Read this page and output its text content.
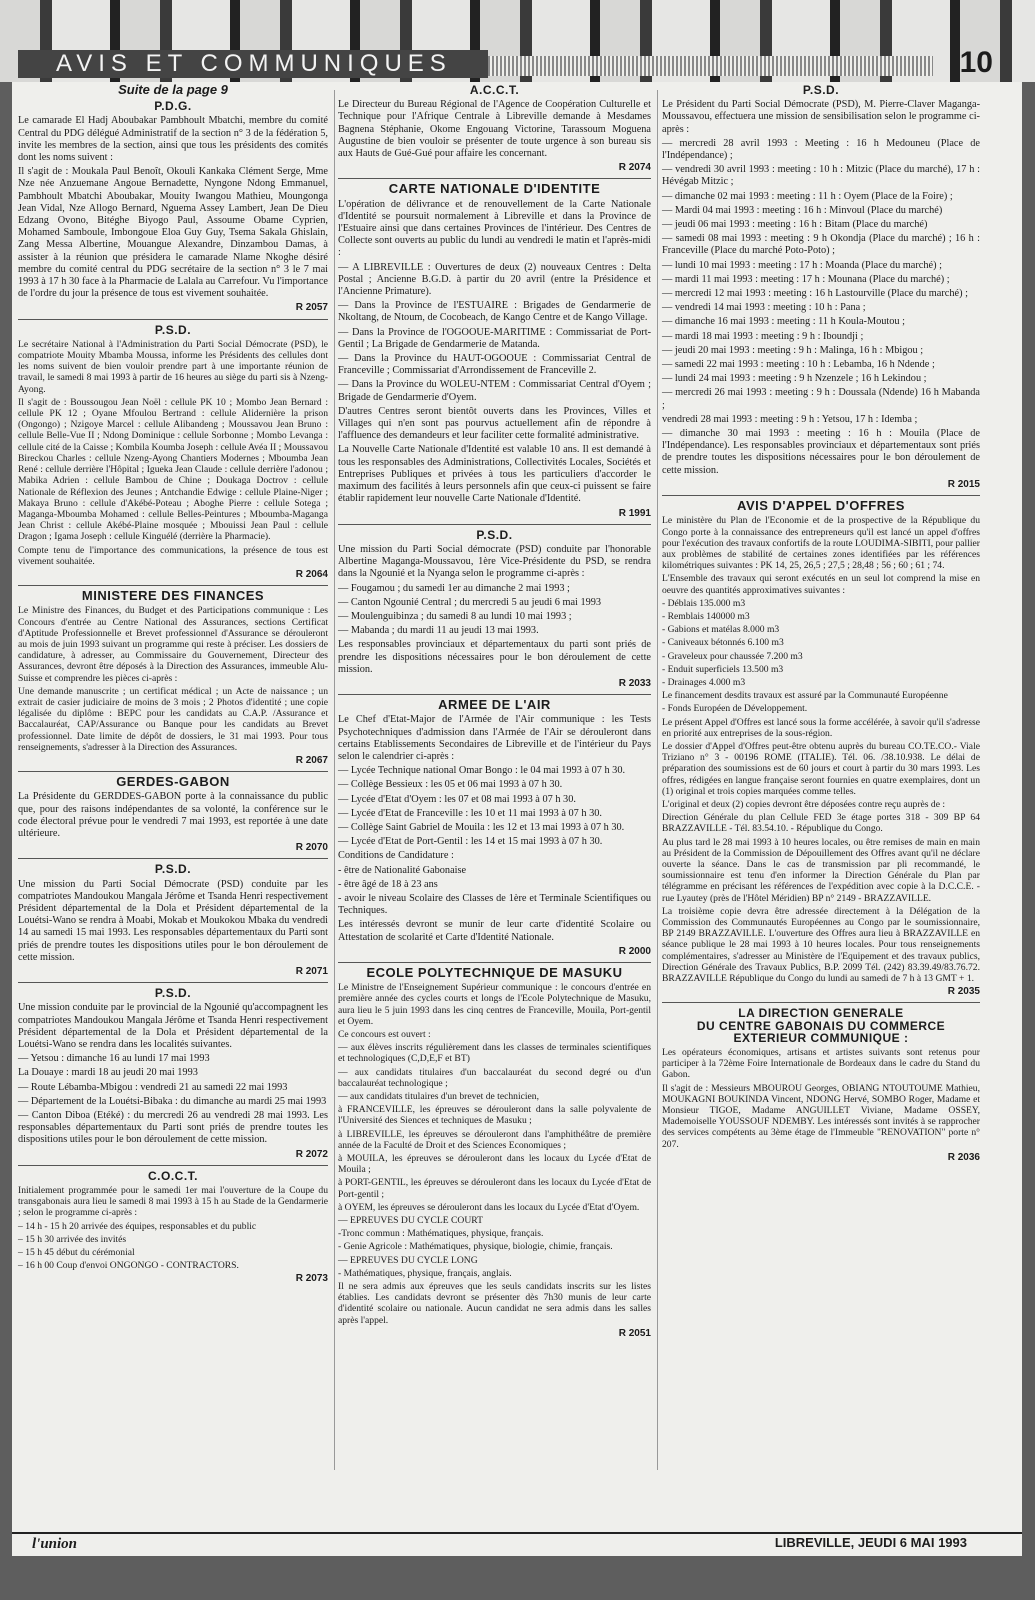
AVIS ET COMMUNIQUES	10
Suite de la page 9
P.D.G.

Le camarade El Hadj Aboubakar Pambhoult Mbatchi, membre du comité Central du PDG délégué Administratif de la section n° 3 de la fédération 5, invite les membres de la section, ainsi que tous les présidents des comités dont les noms suivent :

Il s'agit de : Moukala Paul Benoît, Okouli Kankaka Clément Serge, Mme Nze née Anzuemane Angoue Bernadette, Nyngone Ndong Emmanuel, Pambhoult Mbatchi Aboubakar, Mouity Iwangou Mathieu, Moungonga Jean Vidal, Nze Allogo Bernard, Nguema Assey Lambert, Jean De Dieu Edzang Ovono, Bitéghe Biyogo Paul, Assoume Obame Cyprien, Mohamed Samboule, Imbongoue Eloa Guy Guy, Tsema Sakala Ghislain, Zang Messa Albertine, Mouangue Alexandre, Dinzambou Damas, à assister à la réunion que présidera le camarade Nlame Nkoghe désiré membre du comité central du PDG secrétaire de la section n° 3 le 7 mai 1993 à 17 h 30 face à la Pharmacie de Lalala au Carrefour. Vu l'importance de l'ordre du jour la présence de tous est vivement souhaitée.

R 2057
P.S.D.

Le secrétaire National à l'Administration du Parti Social Démocrate (PSD), le compatriote Mouity Mbamba Moussa, informe les Présidents des cellules dont les noms suivent de bien vouloir prendre part à une importante réunion de travail, le samedi 8 mai 1993 à partir de 16 heures au siège du parti sis à Nzeng-Ayong.

Il s'agit de : Boussougou Jean Noël : cellule PK 10 ; Mombo Jean Bernard : cellule PK 12 ; Oyane Mfoulou Bertrand : cellule Alidernière la prison (Ongongo) ; Nzigoye Marcel : cellule Alibandeng ; Moussavou Jean Bruno : cellule Belle-Vue II ; Ndong Dominique : cellule Sorbonne ; Mombo Levanga : cellule cité de la Caisse ; Kombila Koumba Joseph : cellule Avéa II ; Moussavou Bireckou Charles : cellule Nzeng-Ayong Chantiers Modernes ; Mboumba Jean René : cellule derrière l'Hôpital ; Igueka Jean Claude : cellule derrière l'adonou ; Mabika Adrien : cellule Bambou de Chine ; Doukaga Doctrov : cellule Nationale de Réflexion des Jeunes ; Antchandie Edwige : cellule Plaine-Niger ; Makaya Bruno : cellule d'Akébé-Poteau ; Aboghe Pierre : cellule Sotega ; Maganga-Mboumba Mohamed : cellule Belles-Peintures ; Mboumba-Maganga Jean Christ : cellule Akébé-Plaine mosquée ; Mbouissi Jean Paul : cellule Dragon ; Igama Joseph : cellule Kinguélé (derrière la Pharmacie).

Compte tenu de l'importance des communications, la présence de tous est vivement souhaitée.

R 2064
MINISTERE DES FINANCES

Le Ministre des Finances, du Budget et des Participations communique : Les Concours d'entrée au Centre National des Assurances, sections Certificat d'Aptitude Professionnelle et Brevet professionnel d'Assurance se dérouleront au mois de juin 1993 suivant un programme qui reste à préciser. Les dossiers de candidature, à adresser, au Commissaire du Gouvernement, Directeur des Assurances, devront être déposés à la Direction des Assurances, immeuble Alu-Suisse et comprendre les pièces ci-après :

Une demande manuscrite ; un certificat médical ; un Acte de naissance ; un extrait de casier judiciaire de moins de 3 mois ; 2 Photos d'identité ; une copie légalisée du diplôme : BEPC pour les candidats au C.A.P. /Assurance et Baccalauréat, CAP/Assurance ou Banque pour les candidats au Brevet professionnel. Date limite de dépôt de dossiers, le 31 mai 1993. Pour tous renseignements, s'adresser à la Direction des Assurances.

R 2067
GERDES-GABON

La Présidente du GERDDES-GABON porte à la connaissance du public que, pour des raisons indépendantes de sa volonté, la conférence sur le code électoral prévue pour le vendredi 7 mai 1993, est reportée à une date ultérieure.

R 2070
P.S.D.

Une mission du Parti Social Démocrate (PSD) conduite par les compatriotes Mandoukou Mangala Jérôme et Tsanda Henri respectivement Président départemental de la Dola et Président départemental de la Louétsi-Wano se rendra à Moabi, Mokab et Moukokou Mbaka du vendredi 14 au samedi 15 mai 1993. Les responsables départementaux du Parti sont priés de prendre toutes les dispositions utiles pour le bon déroulement de cette mission.

R 2071
P.S.D.

Une mission conduite par le provincial de la Ngounié qu'accompagnent les compatriotes Mandoukou Mangala Jérôme et Tsanda Henri respectivement Président départemental de la Dola et Président départemental de la Louétsi-Wano se rendra dans les localités suivantes.

— Yetsou : dimanche 16 au lundi 17 mai 1993
La Douaye : mardi 18 au jeudi 20 mai 1993
— Route Lébamba-Mbigou : vendredi 21 au samedi 22 mai 1993
— Département de la Louétsi-Bibaka : du dimanche au mardi 25 mai 1993

— Canton Diboa (Etéké) : du mercredi 26 au vendredi 28 mai 1993. Les responsables départementaux du Parti sont priés de prendre toutes les dispositions utiles pour le bon déroulement de cette mission.

R 2072
C.O.C.T.

Initialement programmée pour le samedi 1er mai l'ouverture de la Coupe du transgabonais aura lieu le samedi 8 mai 1993 à 15 h au Stade de la Gendarmerie ; selon le programme ci-après :

– 14 h - 15 h 20 arrivée des équipes, responsables et du public
– 15 h 30 arrivée des invités
– 15 h 45 début du cérémonial
– 16 h 00 Coup d'envoi ONGONGO - CONTRACTORS.
R 2073
A.C.C.T.

Le Directeur du Bureau Régional de l'Agence de Coopération Culturelle et Technique pour l'Afrique Centrale à Libreville demande à Mesdames Bagnena Stéphanie, Okome Engouang Victorine, Tarassoum Moguena Augustine de bien vouloir se présenter de toute urgence à son bureau sis aux Hauts de Gué-Gué pour affaire les concernant.

R 2074
CARTE NATIONALE D'IDENTITE

L'opération de délivrance et de renouvellement de la Carte Nationale d'Identité se poursuit normalement à Libreville et dans la Province de l'Estuaire ainsi que dans certaines Provinces de l'intérieur. Des Centres de Collecte sont ouverts au public du lundi au vendredi le matin et l'après-midi :

— A LIBREVILLE : Ouvertures de deux (2) nouveaux Centres : Delta Postal ; Ancienne B.G.D. à partir du 20 avril (entre la Présidence et l'Ancienne Primature).
— Dans la Province de l'ESTUAIRE : Brigades de Gendarmerie de Nkoltang, de Ntoum, de Cocobeach, de Kango Centre et de Kango Village.
— Dans la Province de l'OGOOUE-MARITIME : Commissariat de Port-Gentil ; La Brigade de Gendarmerie de Matanda.
— Dans la Province du HAUT-OGOOUE : Commissariat Central de Franceville ; Commissariat d'Arrondissement de Franceville 2.
— Dans la Province du WOLEU-NTEM : Commissariat Central d'Oyem ; Brigade de Gendarmerie d'Oyem.

D'autres Centres seront bientôt ouverts dans les Provinces, Villes et Villages qui n'en sont pas pourvus actuellement afin de répondre à l'affluence des demandeurs et leur faciliter cette formalité administrative.

La Nouvelle Carte Nationale d'Identité est valable 10 ans. Il est demandé à tous les responsables des Administrations, Collectivités Locales, Sociétés et Entreprises Publiques et privées à tous les particuliers d'accorder le maximum des facilités à leurs personnels afin que ceux-ci puissent se faire établir rapidement leur nouvelle Carte Nationale d'Identité.

R 1991
P.S.D.

Une mission du Parti Social démocrate (PSD) conduite par l'honorable Albertine Maganga-Moussavou, 1ère Vice-Présidente du PSD, se rendra dans la Ngounié et la Nyanga selon le programme ci-après :

— Fougamou ; du samedi 1er au dimanche 2 mai 1993 ;
— Canton Ngounié Central ; du mercredi 5 au jeudi 6 mai 1993
— Moulenguibinza ; du samedi 8 au lundi 10 mai 1993 ;
— Mabanda ; du mardi 11 au jeudi 13 mai 1993.

Les responsables provinciaux et départementaux du parti sont priés de prendre les dispositions nécessaires pour le bon déroulement de cette mission.

R 2033
ARMEE DE L'AIR

Le Chef d'Etat-Major de l'Armée de l'Air communique : les Tests Psychotechniques d'admission dans l'Armée de l'Air se dérouleront dans certains Etablissements Secondaires de Libreville et de l'intérieur du Pays selon le calendrier ci-après :

— Lycée Technique national Omar Bongo : le 04 mai 1993 à 07 h 30.
— Collège Bessieux : les 05 et 06 mai 1993 à 07 h 30.
— Lycée d'Etat d'Oyem : les 07 et 08 mai 1993 à 07 h 30.
— Lycée d'Etat de Franceville : les 10 et 11 mai 1993 à 07 h 30.
— Collège Saint Gabriel de Mouila : les 12 et 13 mai 1993 à 07 h 30.
— Lycée d'Etat de Port-Gentil : les 14 et 15 mai 1993 à 07 h 30.

Conditions de Candidature :

- être de Nationalité Gabonaise
- être âgé de 18 à 23 ans
- avoir le niveau Scolaire des Classes de 1ère et Terminale Scientifiques ou Techniques.

Les intéressés devront se munir de leur carte d'identité Scolaire ou Attestation de scolarité et Carte d'Identité Nationale.

R 2000
ECOLE POLYTECHNIQUE DE MASUKU

Le Ministre de l'Enseignement Supérieur communique : le concours d'entrée en première année des cycles courts et longs de l'Ecole Polytechnique de Masuku, aura lieu le 5 juin 1993 dans les cinq centres de Franceville, Mouila, Port-gentil et Oyem.

Ce concours est ouvert :

— aux élèves inscrits régulièrement dans les classes de terminales scientifiques et technologiques (C,D,E,F et BT)
— aux candidats titulaires d'un baccalauréat du second degré ou d'un baccalauréat technologique ;
— aux candidats titulaires d'un brevet de technicien,
à FRANCEVILLE, les épreuves se dérouleront dans la salle polyvalente de l'Université des Siences et techniques de Masuku ;
à LIBREVILLE, les épreuves se dérouleront dans l'amphithéâtre de première année de la Faculté de Droit et des Sciences Economiques ;
à MOUILA, les épreuves se dérouleront dans les locaux du Lycée d'Etat de Mouila ;
à PORT-GENTIL, les épreuves se dérouleront dans les locaux du Lycée d'Etat de Port-gentil ;
à OYEM, les épreuves se dérouleront dans les locaux du Lycée d'Etat d'Oyem.

— EPREUVES DU CYCLE COURT

-Tronc commun : Mathématiques, physique, français.

- Genie Agricole : Mathématiques, physique, biologie, chimie, français.

— EPREUVES DU CYCLE LONG

- Mathématiques, physique, français, anglais.

Il ne sera admis aux épreuves que les seuls candidats inscrits sur les listes établies. Les candidats devront se présenter dès 7h30 munis de leur carte d'identité scolaire ou nationale. Aucun candidat ne sera admis dans les salles après l'appel.

R 2051
P.S.D.

Le Président du Parti Social Démocrate (PSD), M. Pierre-Claver Maganga-Moussavou, effectuera une mission de sensibilisation selon le programme ci-après :

— mercredi 28 avril 1993 : Meeting : 16 h Medouneu (Place de l'Indépendance) ;
— vendredi 30 avril 1993 : meeting : 10 h : Mitzic (Place du marché), 17 h : Hévégab Mitzic ;
— dimanche 02 mai 1993 : meeting : 11 h : Oyem (Place de la Foire) ;
— Mardi 04 mai 1993 : meeting : 16 h : Minvoul (Place du marché)
— jeudi 06 mai 1993 : meeting : 16 h : Bitam (Place du marché)
— samedi 08 mai 1993 : meeting : 9 h Okondja (Place du marché) ; 16 h : Franceville (Place du marché Poto-Poto) ;
— lundi 10 mai 1993 : meeting : 17 h : Moanda (Place du marché) ;
— mardi 11 mai 1993 : meeting : 17 h : Mounana (Place du marché) ;
— mercredi 12 mai 1993 : meeting : 16 h Lastourville (Place du marché) ;
— vendredi 14 mai 1993 : meeting : 10 h : Pana ;
— dimanche 16 mai 1993 : meeting : 11 h Koula-Moutou ;
— mardi 18 mai 1993 : meeting : 9 h : Iboundji ;
— jeudi 20 mai 1993 : meeting : 9 h : Malinga, 16 h : Mbigou ;
— samedi 22 mai 1993 : meeting : 10 h : Lebamba, 16 h Ndende ;
— lundi 24 mai 1993 : meeting : 9 h Nzenzele ; 16 h Lekindou ;
— mercredi 26 mai 1993 : meeting : 9 h : Doussala (Ndende) 16 h Mabanda ;
vendredi 28 mai 1993 : meeting : 9 h : Yetsou, 17 h : Idemba ;

— dimanche 30 mai 1993 : meeting : 16 h : Mouila (Place de l'Indépendance). Les responsables provinciaux et départementaux sont priés de prendre toutes les dispositions nécessaires pour le bon déroulement de cette mission.

R 2015
AVIS D'APPEL D'OFFRES

Le ministère du Plan de l'Economie et de la prospective de la République du Congo porte à la connaissance des entrepreneurs qu'il est lancé un appel d'offres pour l'exécution des travaux confortifs de la route LOUDIMA-SIBITI, pour pallier aux problèmes de stabilité de certaines zones identifiées par les références kilométriques suivantes : PK 14, 25, 26,5 ; 27,5 ; 28,48 ; 56 ; 60 ; 61 ; 74.

L'Ensemble des travaux qui seront exécutés en un seul lot comprend la mise en oeuvre des quantités approximatives suivantes :

- Déblais 135.000 m3
- Remblais 140000 m3
- Gabions et matélas 8.000 m3
- Caniveaux bétonnés 6.100 m3
- Graveleux pour chaussée 7.200 m3
- Enduit superficiels 13.500 m3
- Drainages 4.000 m3

Le financement desdits travaux est assuré par la Communauté Européenne

- Fonds Européen de Développement.

Le présent Appel d'Offres est lancé sous la forme accélérée, à savoir qu'il s'adresse en priorité aux entreprises de la sous-région.

Le dossier d'Appel d'Offres peut-être obtenu auprès du bureau CO.TE.CO.- Viale Triziano n° 3 - 00196 ROME (ITALIE). Tél. 06. /38.10.938. Le délai de préparation des soumissions est de 60 jours et court à partir du 30 mars 1993. Les offres, rédigées en langue française seront fournies en quatre exemplaires, dont un (1) original et trois copies marquées comme telles.

L'original et deux (2) copies devront être déposées contre reçu auprès de :

Direction Générale du plan Cellule FED 3e étage portes 318 - 309 BP 64 BRAZZAVILLE - Tél. 83.54.10. - République du Congo.

Au plus tard le 28 mai 1993 à 10 heures locales, ou être remises de main en main au Président de la Commission de Dépouillement des Offres avant qu'il ne déclare ouverte la séance. Dans le cas de transmission par pli recommandé, le soumissionnaire est tenu d'en informer la Direction Générale du Plan par télégramme en précisant les références de l'expédition avec copie à la D.C.C.E. - rue Lyautey (près de l'Hôtel Méridien) BP n° 2149 - BRAZZAVILLE.

La troisième copie devra être adressée directement à la Délégation de la Commission des Communautés Européennes au Congo par le soumissionnaire, BP 2149 BRAZZAVILLE. L'ouverture des Offres aura lieu à BRAZZAVILLE en séance publique le 28 mai 1993 à 10 heures locales. Pour tous renseignements complémentaires, s'adresser au Ministère de l'Equipement et des travaux publics, Direction Générale des Travaux Publics, B.P. 2099 Tél. (242) 83.39.49/83.76.72. BRAZZAVILLE République du Congo du lundi au samedi de 7 h à 13 GMT + 1.

R 2035
LA DIRECTION GENERALE
DU CENTRE GABONAIS DU COMMERCE
EXTERIEUR COMMUNIQUE :

Les opérateurs économiques, artisans et artistes suivants sont retenus pour participer à la 72ème Foire Internationale de Bordeaux dans le cadre du Stand du Gabon.

Il s'agit de : Messieurs MBOUROU Georges, OBIANG NTOUTOUME Mathieu, MOUKAGNI BOUKINDA Vincent, NDONG Hervé, SOMBO Roger, Madame et Monsieur TIGOE, Madame ANGUILLET Viviane, Madame OSSEY, Mademoiselle YOUSSOUF NDEMBY. Les intéressés sont invités à se rapprocher des services compétents au 3ème étage de l'Immeuble "RENOVATION" porte n° 207.

R 2036
l'union	LIBREVILLE, JEUDI 6 MAI 1993
